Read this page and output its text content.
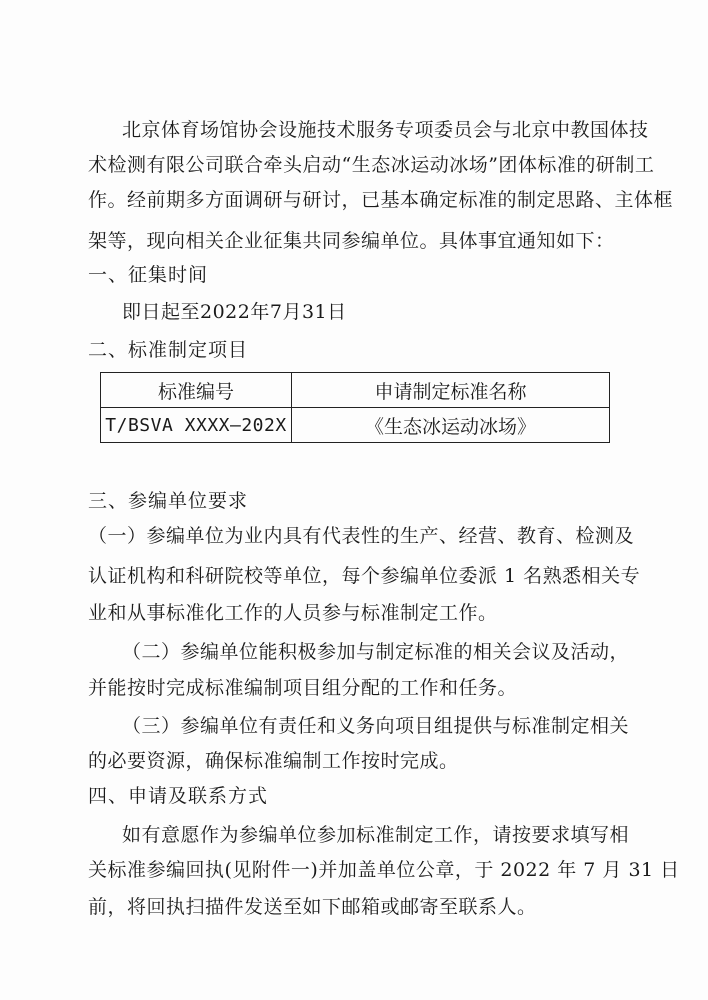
北京体育场馆协会设施技术服务专项委员会与北京中教国体技
术检测有限公司联合牵头启动“生态冰运动冰场”团体标准的研制工
作。经前期多方面调研与研讨，已基本确定标准的制定思路、主体框
架等，现向相关企业征集共同参编单位。具体事宜通知如下：
一、征集时间
即日起至2022年7月31日
二、标准制定项目
标准编号	申请制定标准名称
T/BSVA XXXX—202X	《生态冰运动冰场》
三、参编单位要求
（一）参编单位为业内具有代表性的生产、经营、教育、检测及
认证机构和科研院校等单位，每个参编单位委派 1 名熟悉相关专
业和从事标准化工作的人员参与标准制定工作。
（二）参编单位能积极参加与制定标准的相关会议及活动，
并能按时完成标准编制项目组分配的工作和任务。
（三）参编单位有责任和义务向项目组提供与标准制定相关
的必要资源，确保标准编制工作按时完成。
四、申请及联系方式
如有意愿作为参编单位参加标准制定工作，请按要求填写相
关标准参编回执(见附件一)并加盖单位公章，于 2022 年 7 月 31 日
前，将回执扫描件发送至如下邮箱或邮寄至联系人。
